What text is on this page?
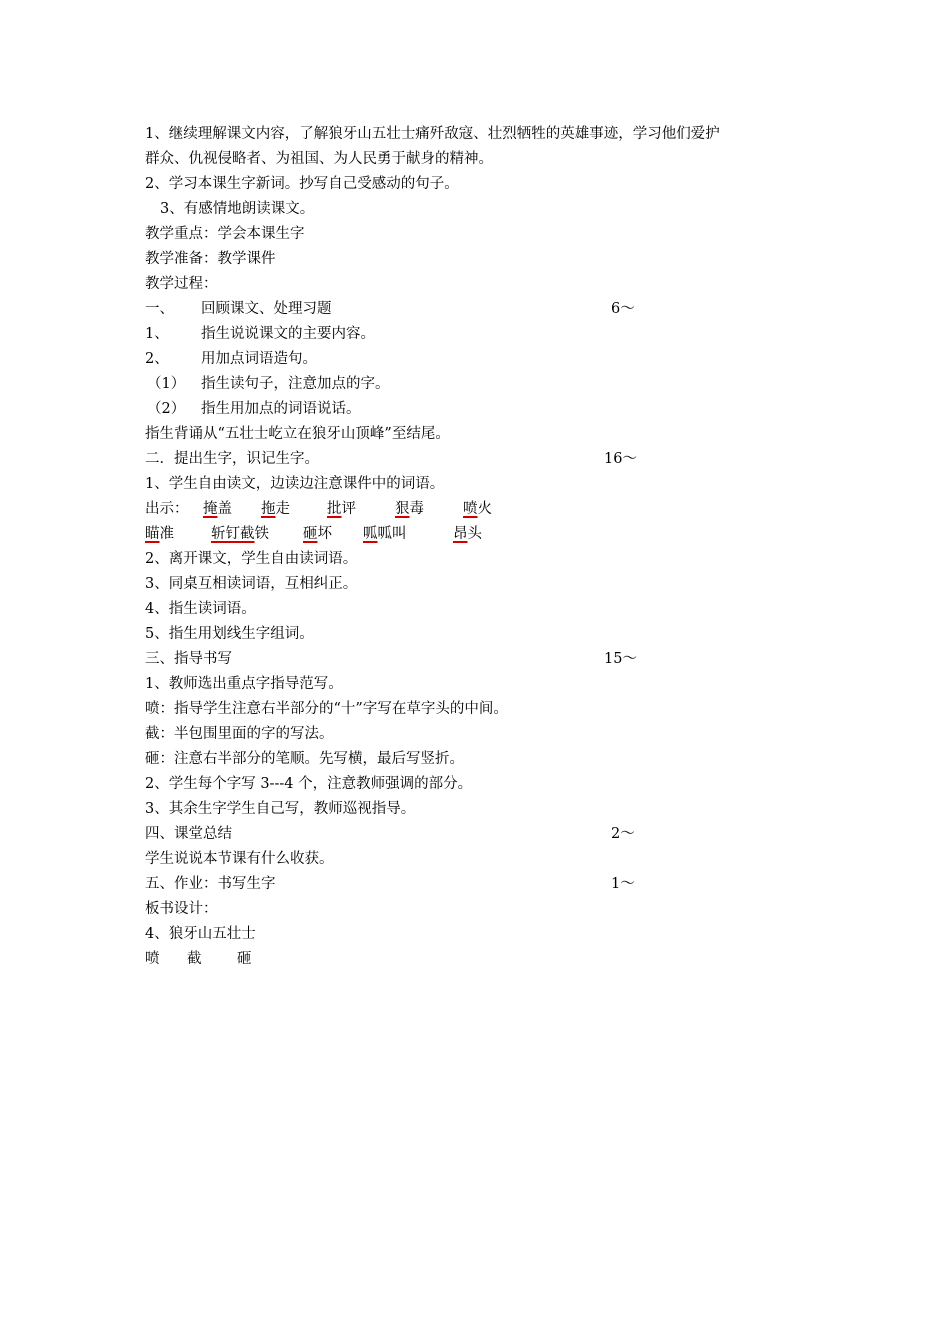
1、继续理解课文内容，了解狼牙山五壮士痛歼敌寇、壮烈牺牲的英雄事迹，学习他们爱护
群众、仇视侵略者、为祖国、为人民勇于献身的精神。
2、学习本课生字新词。抄写自己受感动的句子。
3、有感情地朗读课文。
教学重点：学会本课生字
教学准备：教学课件
教学过程：
一、 回顾课文、处理习题	6～
1、 指生说说课文的主要内容。
2、 用加点词语造句。
（1） 指生读句子，注意加点的字。
（2） 指生用加点的词语说话。
指生背诵从“五壮士屹立在狼牙山顶峰”至结尾。
二．提出生字，识记生字。	16～
1、学生自由读文，边读边注意课件中的词语。
出示： 掩盖 拖走	批评	狠毒	喷火
瞄准	斩钉截铁 砸坏 呱呱叫	昂头
2、离开课文，学生自由读词语。
3、同桌互相读词语，互相纠正。
4、指生读词语。
5、指生用划线生字组词。
三、指导书写	15～
1、教师选出重点字指导范写。
喷：指导学生注意右半部分的“十”字写在草字头的中间。
截：半包围里面的字的写法。
砸：注意右半部分的笔顺。先写横，最后写竖折。
2、学生每个字写 3---4 个，注意教师强调的部分。
3、其余生字学生自己写，教师巡视指导。
四、课堂总结	2～
学生说说本节课有什么收获。
五、作业：书写生字	1～
板书设计：
4、狼牙山五壮士
喷 截 砸
